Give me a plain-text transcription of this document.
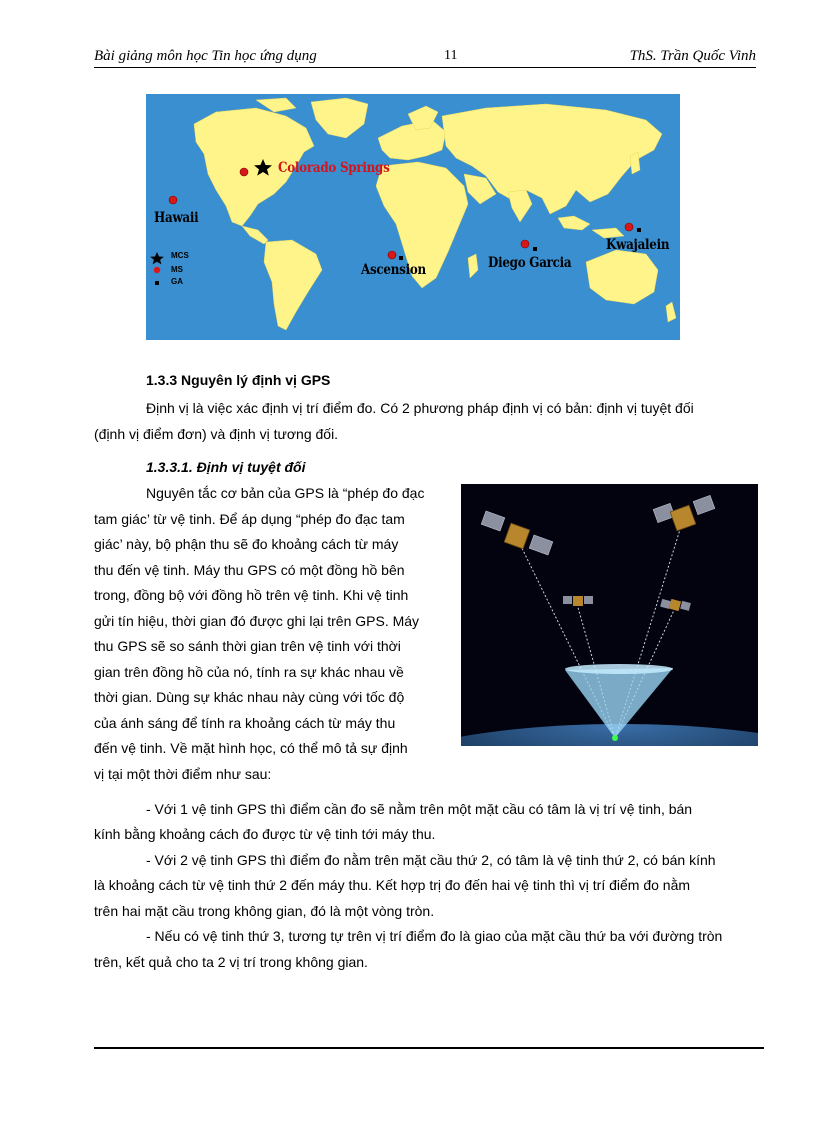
Bài giảng môn học Tin học ứng dụng	11	ThS. Trần Quốc Vinh
Colorado Springs
Hawaii
Ascension	Diego Garcia
Kwajalein
MCS
MS
GA
1.3.3 Nguyên lý định vị GPS
Định vị là việc xác định vị trí điểm đo. Có 2 phương pháp định vị có bản: định vị tuyệt đối
(định vị điểm đơn) và định vị tương đối.
1.3.3.1. Định vị tuyệt đối
Nguyên tắc cơ bản của GPS là “phép đo đạc
tam giác’ từ vệ tinh. Để áp dụng “phép đo đạc tam
giác’ này, bộ phận thu sẽ đo khoảng cách từ máy
thu đến vệ tinh. Máy thu GPS có một đồng hồ bên
trong, đồng bộ với đồng hồ trên vệ tinh. Khi vệ tinh
gửi tín hiệu, thời gian đó được ghi lại trên GPS. Máy
thu GPS sẽ so sánh thời gian trên vệ tinh với thời
gian trên đồng hồ của nó, tính ra sự khác nhau về
thời gian. Dùng sự khác nhau này cùng với tốc độ
của ánh sáng để tính ra khoảng cách từ máy thu
đến vệ tinh. Về mặt hình học, có thể mô tả sự định
vị tại một thời điểm như sau:
- Với 1 vệ tinh GPS thì điểm cần đo sẽ nằm trên một mặt cầu có tâm là vị trí vệ tinh, bán
kính bằng khoảng cách đo được từ vệ tinh tới máy thu.
- Với 2 vệ tinh GPS thì điểm đo nằm trên mặt cầu thứ 2, có tâm là vệ tinh thứ 2, có bán kính
là khoảng cách từ vệ tinh thứ 2 đến máy thu. Kết hợp trị đo đến hai vệ tinh thì vị trí điểm đo nằm
trên hai mặt cầu trong không gian, đó là một vòng tròn.
- Nếu có vệ tinh thứ 3, tương tự trên vị trí điểm đo là giao của mặt cầu thứ ba với đường tròn
trên, kết quả cho ta 2 vị trí trong không gian.
